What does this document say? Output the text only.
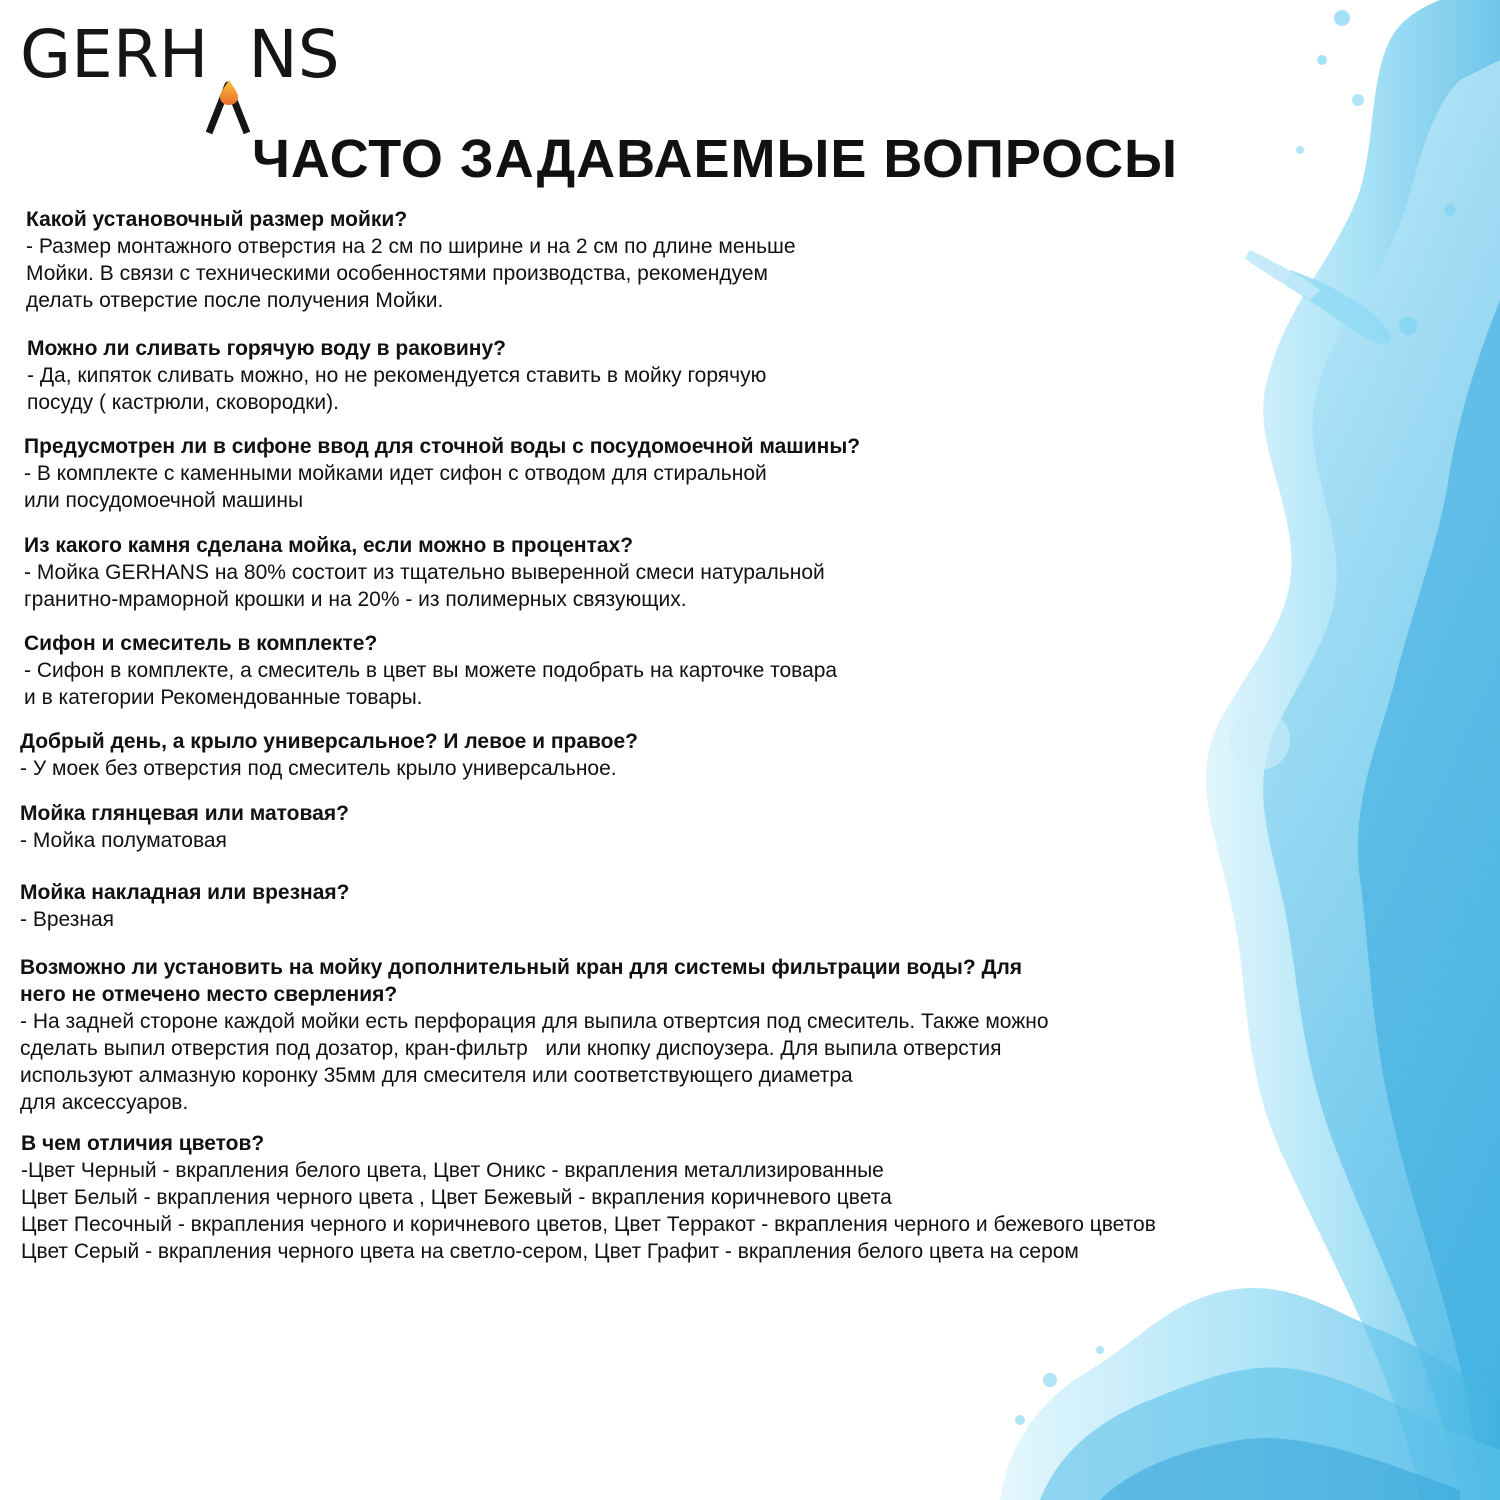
GERH NS
ЧАСТО ЗАДАВАЕМЫЕ ВОПРОСЫ

Какой установочный размер мойки?

- Размер монтажного отверстия на 2 см по ширине и на 2 см по длине меньше
Мойки. В связи с техническими особенностями производства, рекомендуем
делать отверстие после получения Мойки.

Можно ли сливать горячую воду в раковину?

- Да, кипяток сливать можно, но не рекомендуется ставить в мойку горячую
посуду ( кастрюли, сковородки).

Предусмотрен ли в сифоне ввод для сточной воды с посудомоечной машины?

- В комплекте с каменными мойками идет сифон с отводом для стиральной
или посудомоечной машины

Из какого камня сделана мойка, если можно в процентах?

- Мойка GERHANS на 80% состоит из тщательно выверенной смеси натуральной
гранитно-мраморной крошки и на 20% - из полимерных связующих.

Сифон и смеситель в комплекте?

- Сифон в комплекте, а смеситель в цвет вы можете подобрать на карточке товара
и в категории Рекомендованные товары.

Добрый день, а крыло универсальное? И левое и правое?

- У моек без отверстия под смеситель крыло универсальное.

Мойка глянцевая или матовая?

- Мойка полуматовая

Мойка накладная или врезная?

- Врезная

Возможно ли установить на мойку дополнительный кран для системы фильтрации воды? Для
него не отмечено место сверления?

- На задней стороне каждой мойки есть перфорация для выпила отвертсия под смеситель. Также можно
сделать выпил отверстия под дозатор, кран-фильтр   или кнопку диспоузера. Для выпила отверстия
используют алмазную коронку 35мм для смесителя или соответствующего диаметра
для аксессуаров.

В чем отличия цветов?

-Цвет Черный - вкрапления белого цвета, Цвет Оникс - вкрапления металлизированные
Цвет Белый - вкрапления черного цвета , Цвет Бежевый - вкрапления коричневого цвета
Цвет Песочный - вкрапления черного и коричневого цветов, Цвет Терракот - вкрапления черного и бежевого цветов
Цвет Серый - вкрапления черного цвета на светло-сером, Цвет Графит - вкрапления белого цвета на сером
